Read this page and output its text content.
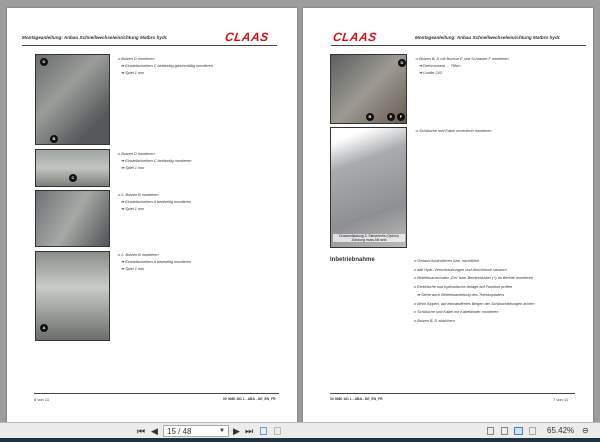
Montageanleitung: Anbau Schnellwechseleinrichtung Matbro hydr.	CLAAS
D
B
C
A
⇒ Bolzen D montieren
➡ Einstellscheiben C beidseitig gleichmäßig montieren
➡ Spiel 1 mm
⇒ Bolzen D montieren
➡ Einstellscheiben C beidseitig montieren
➡ Spiel 1 mm
⇒ 2. Bolzen B montieren
➡ Einstellscheiben A beidseitig montieren
➡ Spiel 1 mm
⇒ 2. Bolzen B montieren
➡ Einstellscheiben A beidseitig montieren
➡ Spiel 1 mm
6 von 11	00 0080 161 1 - ABA - DE_EN_FR
CLAAS	Montageanleitung: Anbau Schnellwechseleinrichtung Matbro hydr.
D
B	E	F
Druckentlastung 3. Steuerkreis (Option) Zündung muss AN sein
⇒ Bolzen B, D mit Buchse E und Schraube F montieren
➡ Drehmoment ... 79Nm
➡ Loctite 243
⇒ Schläuche und Kabel unverlierin montieren
Inbetriebnahme	⇒ Ölstand kontrollieren bzw. nachfüllen
⇒ alle Hydr.-Verschraubungen und Anschlüsse säubern
⇒ Betriebsartschalter „Ein" bzw. Betriebskabel (+) an Bereite montieren
⇒ Elektrische und hydraulische Anlage auf Funktion prüfen
➡ Siehe auch Betriebsanleitung des Teleskopladers
⇒ Beim Kippen, auf einwandfreies Biegen der Schlauchleitungen achten
⇒ Schläuche und Kabel mit Kabelbinder montieren
⇒ Bolzen B, D absichern
00 0080 161 1 - ABA - DE_EN_FR	7 von 11
⏮ ◀	15 / 48	▼ ▶ ⏭	65.42% ⊖
